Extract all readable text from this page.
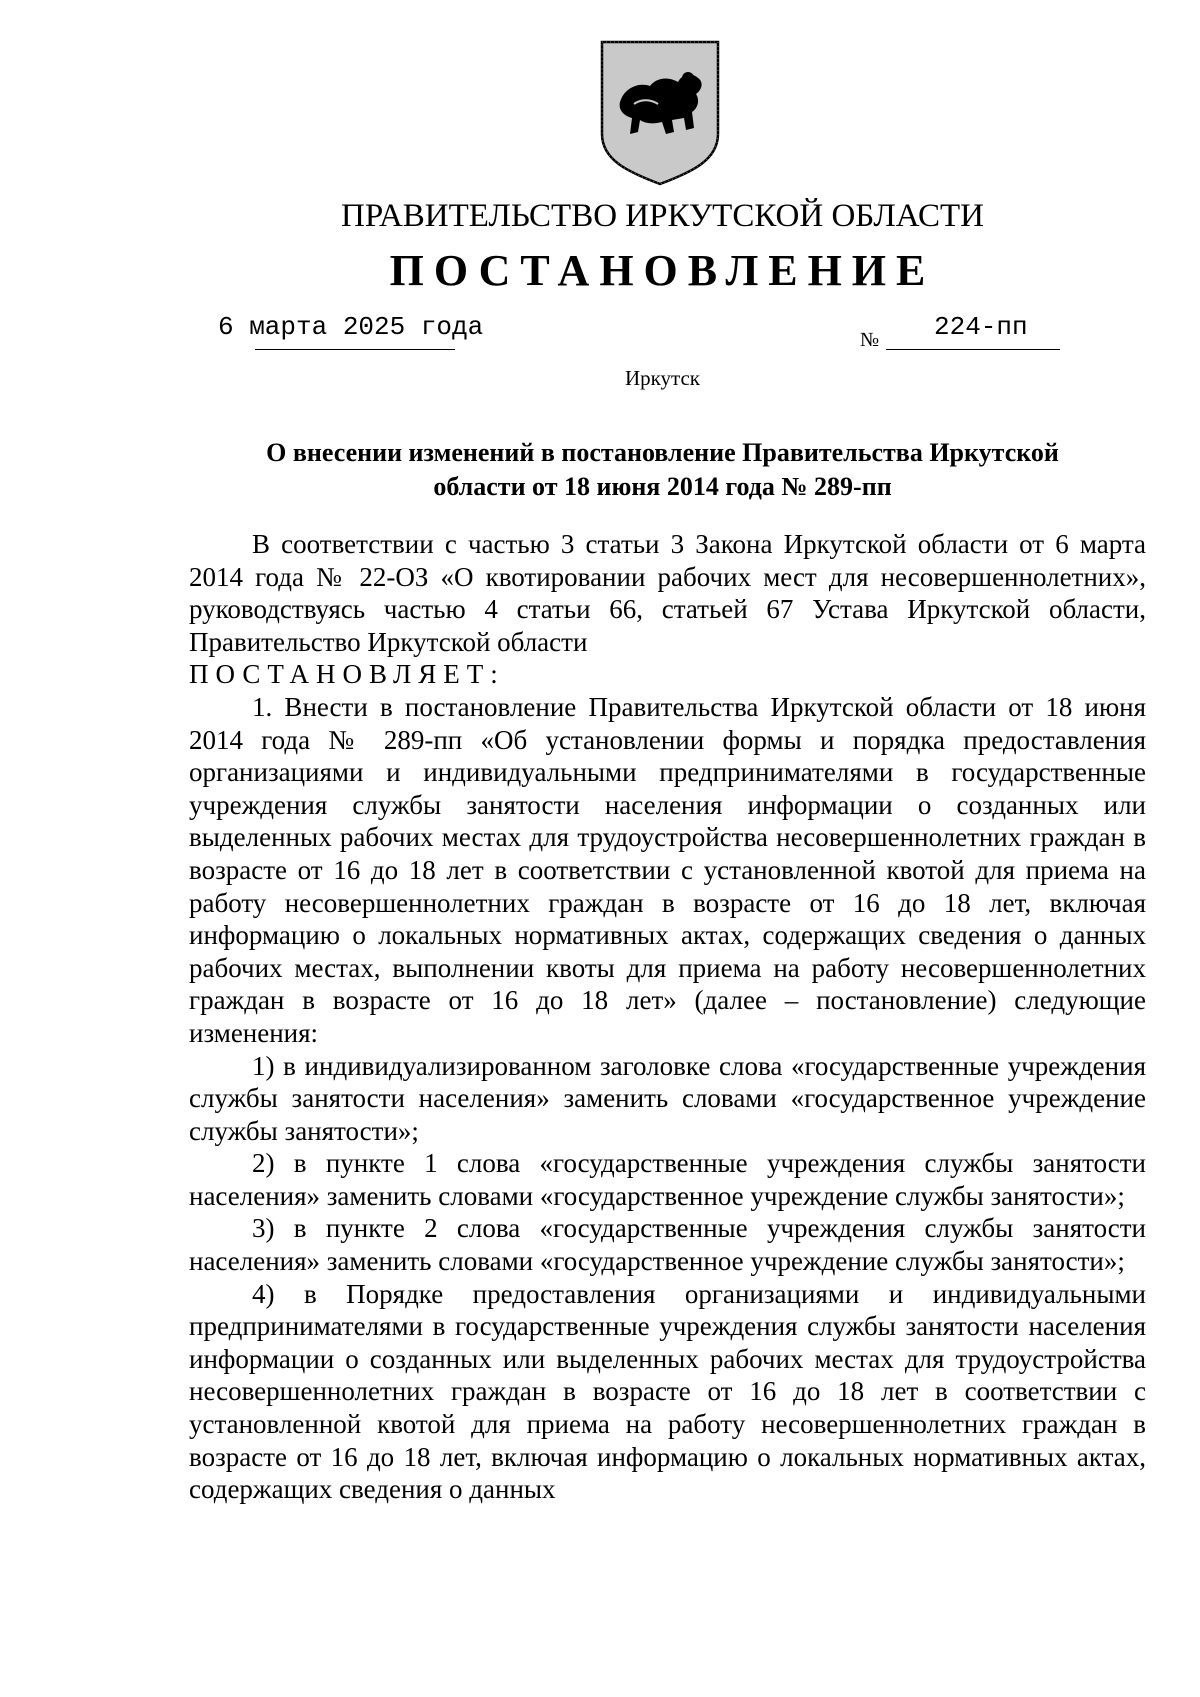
ПРАВИТЕЛЬСТВО ИРКУТСКОЙ ОБЛАСТИ
ПОСТАНОВЛЕНИЕ
6 марта 2025 года	№ 224-пп
Иркутск
О внесении изменений в постановление Правительства Иркутской
области от 18 июня 2014 года № 289-пп

В соответствии с частью 3 статьи 3 Закона Иркутской области от 6 марта 2014 года № 22-ОЗ «О квотировании рабочих мест для несовершеннолетних», руководствуясь частью 4 статьи 66, статьей 67 Устава Иркутской области, Правительство Иркутской области

ПОСТАНОВЛЯЕТ:

1. Внести в постановление Правительства Иркутской области от 18 июня 2014 года № 289-пп «Об установлении формы и порядка предоставления организациями и индивидуальными предпринимателями в государственные учреждения службы занятости населения информации о созданных или выделенных рабочих местах для трудоустройства несовершеннолетних граждан в возрасте от 16 до 18 лет в соответствии с установленной квотой для приема на работу несовершеннолетних граждан в возрасте от 16 до 18 лет, включая информацию о локальных нормативных актах, содержащих сведения о данных рабочих местах, выполнении квоты для приема на работу несовершеннолетних граждан в возрасте от 16 до 18 лет» (далее – постановление) следующие изменения:

1) в индивидуализированном заголовке слова «государственные учреждения службы занятости населения» заменить словами «государственное учреждение службы занятости»;

2) в пункте 1 слова «государственные учреждения службы занятости населения» заменить словами «государственное учреждение службы занятости»;

3) в пункте 2 слова «государственные учреждения службы занятости населения» заменить словами «государственное учреждение службы занятости»;

4) в Порядке предоставления организациями и индивидуальными предпринимателями в государственные учреждения службы занятости населения информации о созданных или выделенных рабочих местах для трудоустройства несовершеннолетних граждан в возрасте от 16 до 18 лет в соответствии с установленной квотой для приема на работу несовершеннолетних граждан в возрасте от 16 до 18 лет, включая информацию о локальных нормативных актах, содержащих сведения о данных
